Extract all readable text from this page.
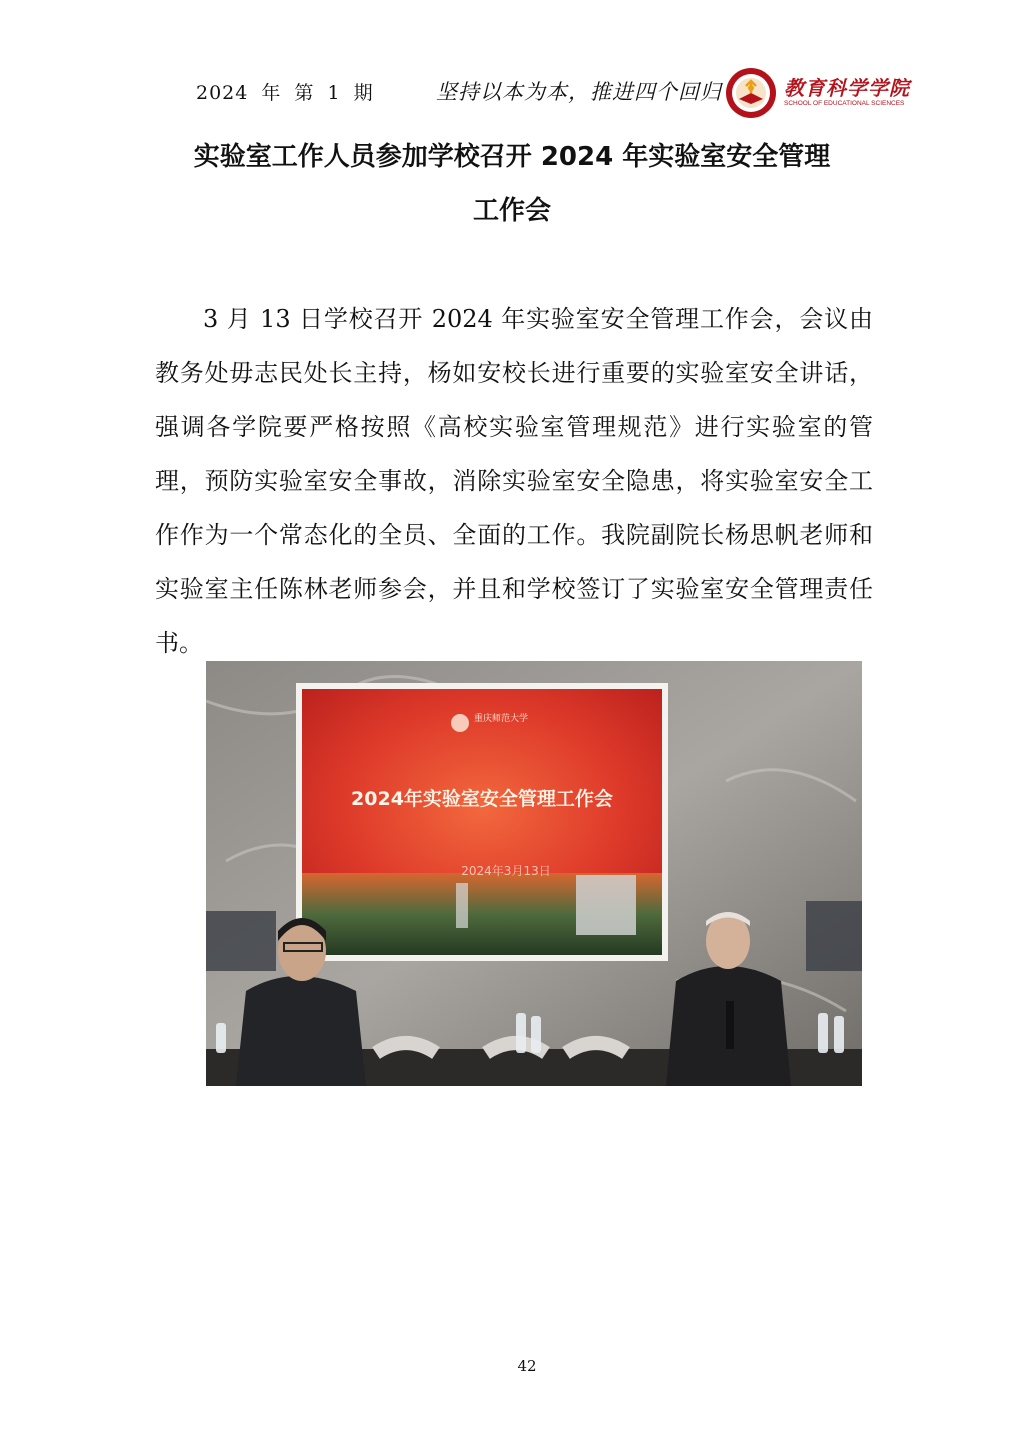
2024 年 第 1 期	坚持以本为本，推进四个回归	教育科学学院
SCHOOL OF EDUCATIONAL SCIENCES
实验室工作人员参加学校召开 2024 年实验室安全管理
工作会
3 月 13 日学校召开 2024 年实验室安全管理工作会，会议由教务处毋志民处长主持，杨如安校长进行重要的实验室安全讲话，强调各学院要严格按照《高校实验室管理规范》进行实验室的管理，预防实验室安全事故，消除实验室安全隐患，将实验室安全工作作为一个常态化的全员、全面的工作。我院副院长杨思帆老师和实验室主任陈林老师参会，并且和学校签订了实验室安全管理责任书。
重庆师范大学
2024年实验室安全管理工作会
2024年3月13日
42
